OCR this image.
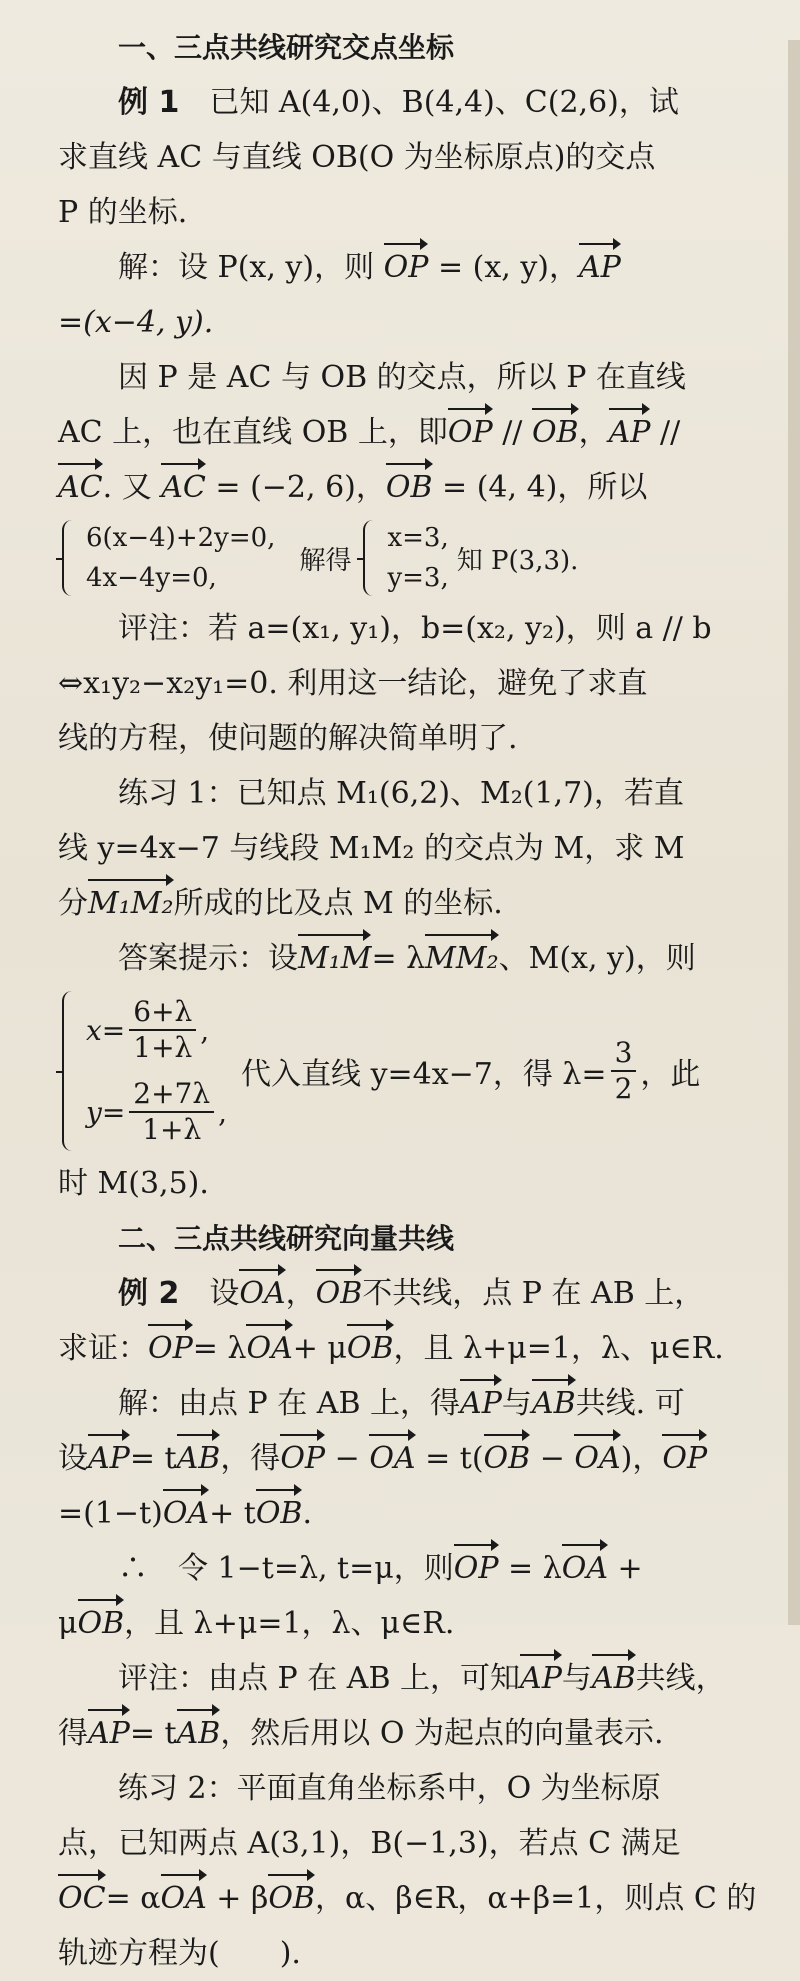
一、三点共线研究交点坐标
例 1　 已知 A(4,0)、B(4,4)、C(2,6)，试
求直线 AC 与直线 OB(O 为坐标原点)的交点
P 的坐标.
解：设 P(x, y)，则 OP = (x, y)，AP
=(x−4, y).
因 P 是 AC 与 OB 的交点，所以 P 在直线
AC 上，也在直线 OB 上，即OP // OB，AP //
AC. 又 AC = (−2, 6)，OB = (4, 4)，所以
6(x−4)+2y=0,
4x−4y=0,
解得
x=3,
y=3,
知 P(3,3).
评注：若 a=(x₁, y₁)，b=(x₂, y₂)，则 a // b
⇔x₁y₂−x₂y₁=0. 利用这一结论，避免了求直
线的方程，使问题的解决简单明了.
练习 1：已知点 M₁(6,2)、M₂(1,7)，若直
线 y=4x−7 与线段 M₁M₂ 的交点为 M，求 M
分M₁M₂所成的比及点 M 的坐标.
答案提示：设M₁M= λMM₂、M(x, y)，则
$x= \frac{6+\lambda}{1+\lambda}$ ,
$y= \frac{2+7\lambda}{1+\lambda}$ ,
代入直线 y=4x−7，得 $\lambda= \frac{3}{2}$ ，此
时 M(3,5).
二、三点共线研究向量共线
例 2　 设OA，OB不共线，点 P 在 AB 上，
求证：OP= λOA+ μOB，且 λ+μ=1，λ、μ∈R.
解：由点 P 在 AB 上，得AP与AB共线. 可
设AP= tAB，得OP − OA = t(OB − OA)，OP
=(1−t)OA+ tOB.
∴　令 1−t=λ, t=μ，则OP = λOA +
μOB，且 λ+μ=1，λ、μ∈R.
评注：由点 P 在 AB 上，可知AP与AB共线，
得AP= tAB，然后用以 O 为起点的向量表示.
练习 2：平面直角坐标系中，O 为坐标原
点，已知两点 A(3,1)，B(−1,3)，若点 C 满足
OC= αOA + βOB，α、β∈R，α+β=1，则点 C 的
轨迹方程为(　　).
